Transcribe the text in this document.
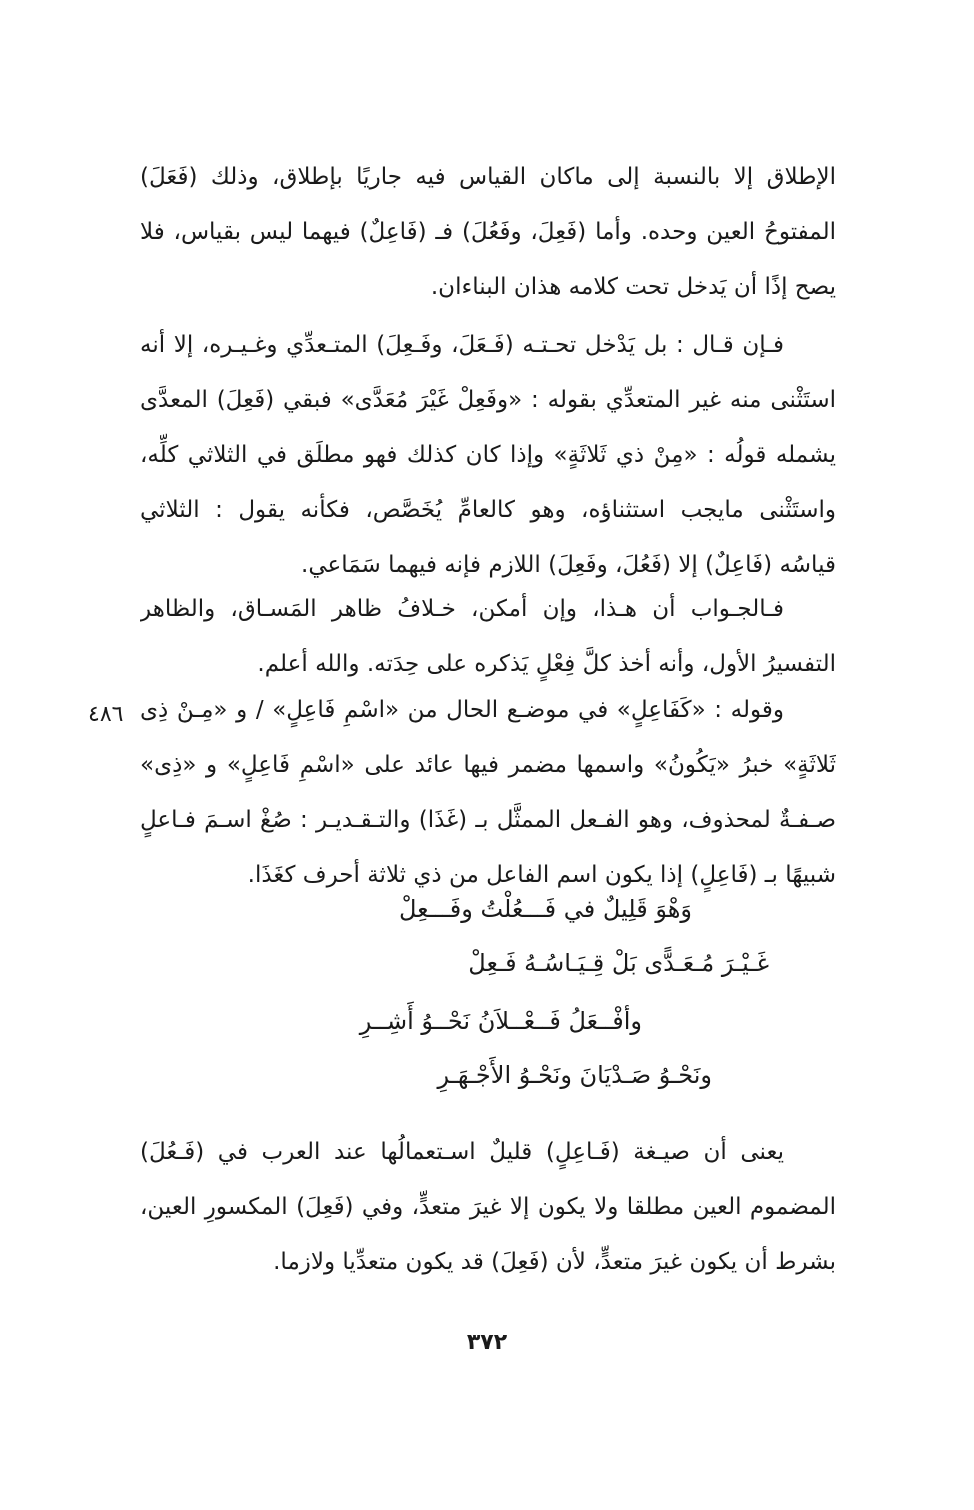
الإطلاق إلا بالنسبة إلى ماكان القياس فيه جاريًا بإطلاق، وذلك (فَعَلَ)
المفتوحُ العين وحده. وأما (فَعِلَ، وفَعُلَ) فـ (فَاعِلٌ) فيهما ليس بقياس، فلا
يصح إذًا أن يَدخل تحت كلامه هذان البناءان.
فـإن قـال : بل يَدْخل تحـتـه (فَـعَلَ، وفَـعِلَ) المتـعدِّي وغـيـره، إلا أنه
استَثْنى منه غير المتعدِّي بقوله : «وفَعِلْ غَيْرَ مُعَدَّى» فبقي (فَعِلَ) المعدَّى
يشمله قولُه : «مِنْ ذي ثَلاثَةٍ» وإذا كان كذلك فهو مطلَق في الثلاثي كلِّه،
واستَثْنى مايجب استثناؤه، وهو كالعامِّ يُخَصَّص، فكأنه يقول : الثلاثي
قياسُه (فَاعِلٌ) إلا (فَعُلَ، وفَعِلَ) اللازم فإنه فيهما سَمَاعي.
فـالجـواب أن هـذا، وإن أمكن، خـلافُ ظاهر المَسـاق، والظاهر
التفسيرُ الأول، وأنه أخذ كلَّ فِعْلٍ يَذكره على حِدَته. والله أعلم.
٤٨٦ وقوله : «كَفَاعِلٍ» في موضـع الحال من «اسْمِ فَاعِلٍ» / و «مِـنْ ذِى
ثَلاثَةٍ» خبرُ «يَكُونُ» واسمها مضمر فيها عائد على «اسْمِ فَاعِلٍ» و «ذِى»
صـفـةٌ لمحذوف، وهو الفـعل الممثَّل بـ (غَذَا) والتـقـديـر : صُغْ اسـمَ فـاعلٍ
شبيهًا بـ (فَاعِلٍ) إذا يكون اسم الفاعل من ذي ثلاثة أحرف كغَذَا.
وَهْوَ قَلِيلٌ في فَـــعُلْتُ وفَـــعِلْ
غَـيْـرَ مُـعَـدًّى بَلْ قِـيَـاسُـهُ فَـعِلْ
وأفْــعَلُ فَــعْــلاَنُ نَحْــوُ أَشِــرِ
ونَحْـوُ صَـدْيَانَ ونَحْـوُ الأَجْـهَـرِ
يعنى أن صيـغة (فَـاعِلٍ) قليلٌ اسـتعمالُها عند العرب في (فَـعُلَ)
المضموم العين مطلقا ولا يكون إلا غيرَ متعدٍّ، وفي (فَعِلَ) المكسورِ العين،
بشرط أن يكون غيرَ متعدٍّ، لأن (فَعِلَ) قد يكون متعدِّيا ولازما.
٣٧٢
